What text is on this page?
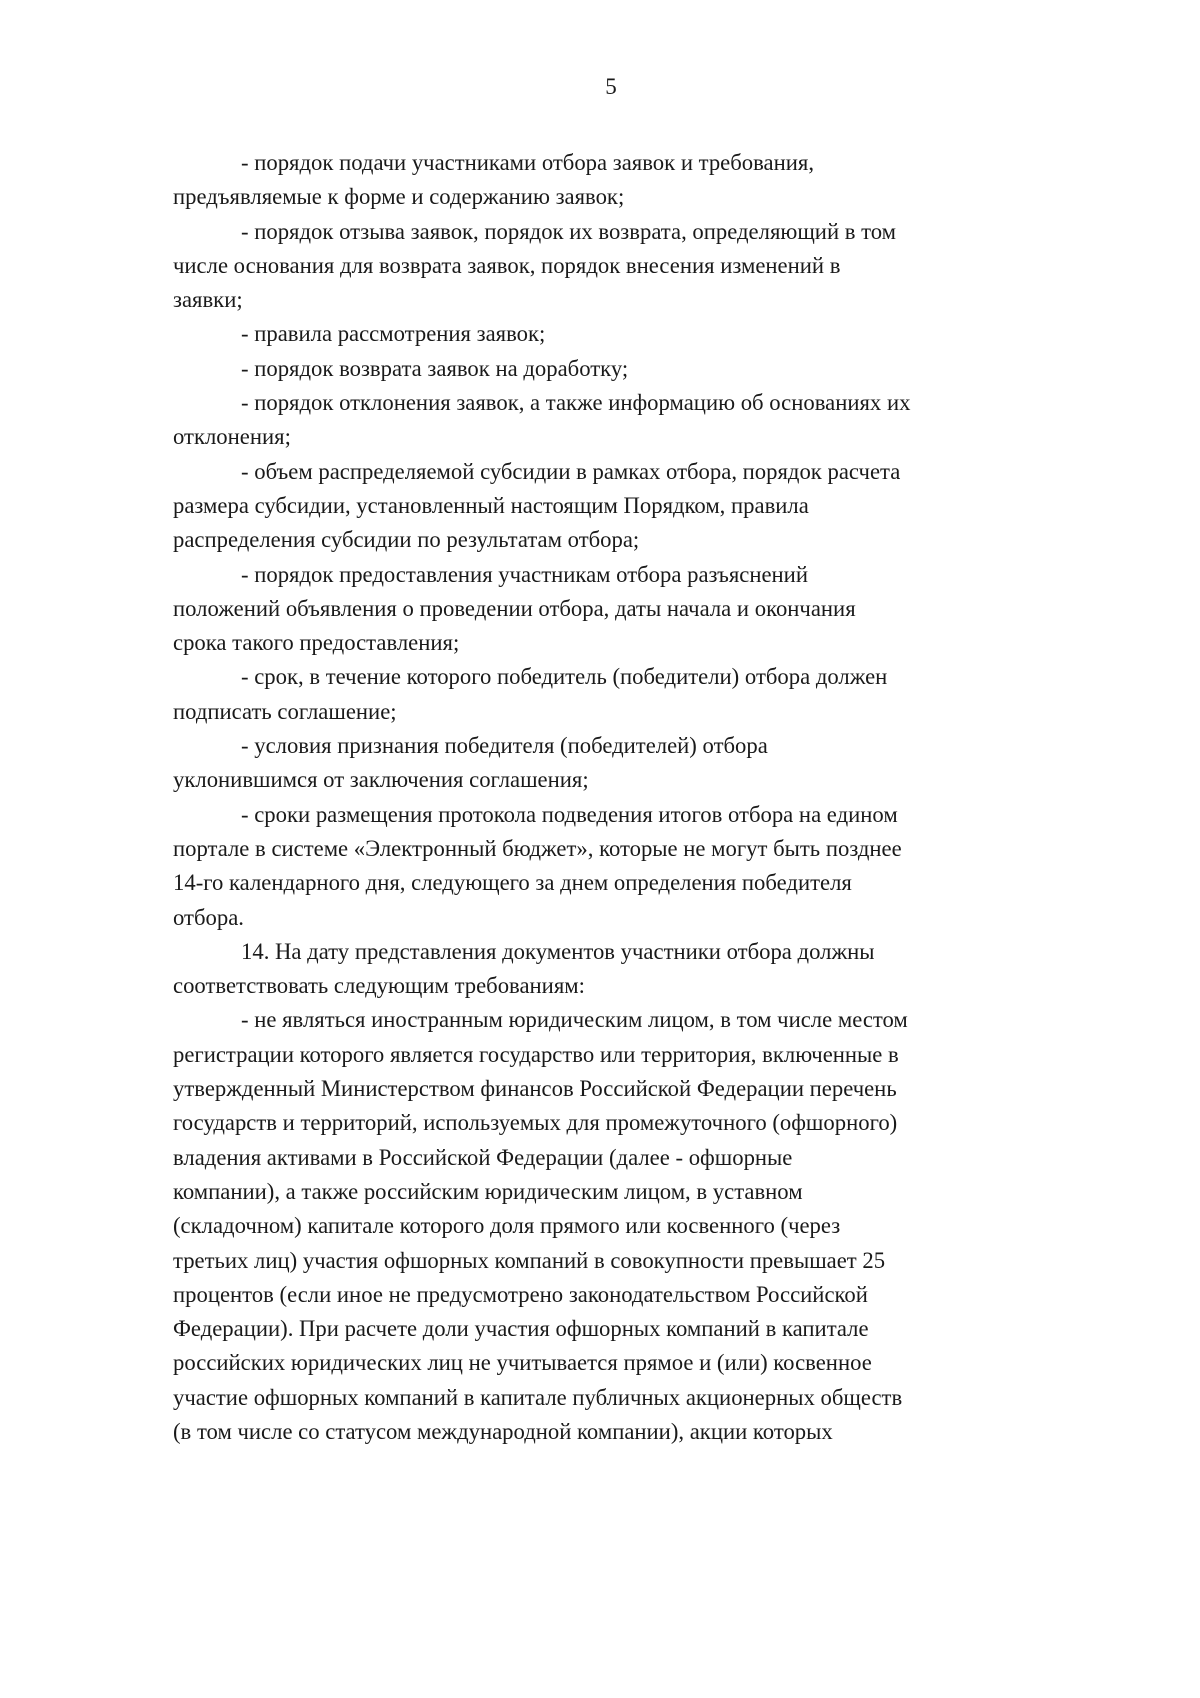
5

- порядок подачи участниками отбора заявок и требования,
предъявляемые к форме и содержанию заявок;

- порядок отзыва заявок, порядок их возврата, определяющий в том
числе основания для возврата заявок, порядок внесения изменений в
заявки;

- правила рассмотрения заявок;

- порядок возврата заявок на доработку;

- порядок отклонения заявок, а также информацию об основаниях их
отклонения;

- объем распределяемой субсидии в рамках отбора, порядок расчета
размера субсидии, установленный настоящим Порядком, правила
распределения субсидии по результатам отбора;

- порядок предоставления участникам отбора разъяснений
положений объявления о проведении отбора, даты начала и окончания
срока такого предоставления;

- срок, в течение которого победитель (победители) отбора должен
подписать соглашение;

- условия признания победителя (победителей) отбора
уклонившимся от заключения соглашения;

- сроки размещения протокола подведения итогов отбора на едином
портале в системе «Электронный бюджет», которые не могут быть позднее
14-го календарного дня, следующего за днем определения победителя
отбора.

14. На дату представления документов участники отбора должны
соответствовать следующим требованиям:

- не являться иностранным юридическим лицом, в том числе местом
регистрации которого является государство или территория, включенные в
утвержденный Министерством финансов Российской Федерации перечень
государств и территорий, используемых для промежуточного (офшорного)
владения активами в Российской Федерации (далее - офшорные
компании), а также российским юридическим лицом, в уставном
(складочном) капитале которого доля прямого или косвенного (через
третьих лиц) участия офшорных компаний в совокупности превышает 25
процентов (если иное не предусмотрено законодательством Российской
Федерации). При расчете доли участия офшорных компаний в капитале
российских юридических лиц не учитывается прямое и (или) косвенное
участие офшорных компаний в капитале публичных акционерных обществ
(в том числе со статусом международной компании), акции которых
